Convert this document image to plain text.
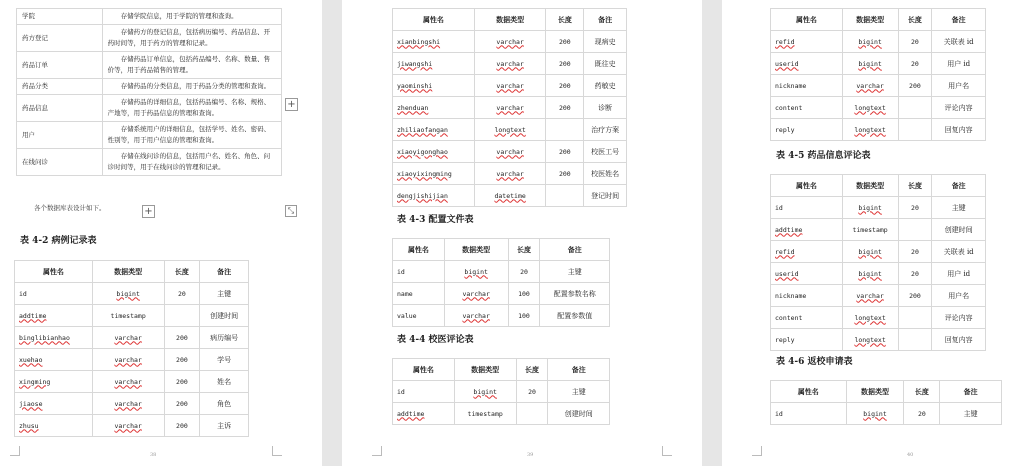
学院	存储学院信息，用于学院的管理和查询。
药方登记	存储药方的登记信息，包括病历编号、药品信息、开药时间等，用于药方的管理和记录。
药品订单	存储药品订单信息，包括药品编号、名称、数量、售价等，用于药品销售的管理。
药品分类	存储药品的分类信息，用于药品分类的管理和查询。
药品信息	存储药品的详细信息，包括药品编号、名称、规格、产地等，用于药品信息的管理和查询。
用户	存储系统用户的详细信息，包括学号、姓名、密码、性别等，用于用户信息的管理和查询。
在线问诊	存储在线问诊的信息，包括用户名、姓名、角色、问诊时间等，用于在线问诊的管理和记录。
+
+	⤡
各个数据库表设计如下。
表 4-2 病例记录表
属性名	数据类型	长度	备注
id	bigint	20	主键
addtime	timestamp		创建时间
binglibianhao	varchar	200	病历编号
xuehao	varchar	200	学号
xingming	varchar	200	姓名
jiaose	varchar	200	角色
zhusu	varchar	200	主诉
38
属性名	数据类型	长度	备注
xianbingshi	varchar	200	现病史
jiwangshi	varchar	200	既往史
yaominshi	varchar	200	药敏史
zhenduan	varchar	200	诊断
zhiliaofangan	longtext		治疗方案
xiaoyigonghao	varchar	200	校医工号
xiaoyixingming	varchar	200	校医姓名
dengjishijian	datetime		登记时间
表 4-3 配置文件表
属性名	数据类型	长度	备注
id	bigint	20	主键
name	varchar	100	配置参数名称
value	varchar	100	配置参数值
表 4-4 校医评论表
属性名	数据类型	长度	备注
id	bigint	20	主键
addtime	timestamp		创建时间
39
属性名	数据类型	长度	备注
refid	bigint	20	关联表 id
userid	bigint	20	用户 id
nickname	varchar	200	用户名
content	longtext		评论内容
reply	longtext		回复内容
表 4-5 药品信息评论表
属性名	数据类型	长度	备注
id	bigint	20	主键
addtime	timestamp		创建时间
refid	bigint	20	关联表 id
userid	bigint	20	用户 id
nickname	varchar	200	用户名
content	longtext		评论内容
reply	longtext		回复内容
表 4-6 返校申请表
属性名	数据类型	长度	备注
id	bigint	20	主键
40
